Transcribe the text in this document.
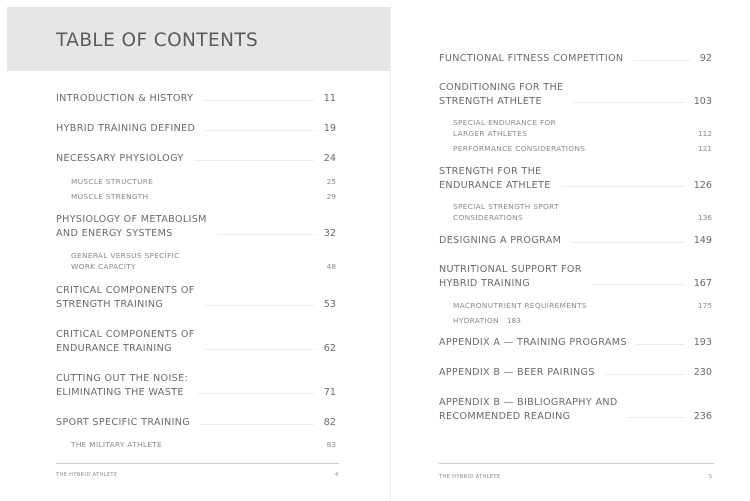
TABLE OF CONTENTS
INTRODUCTION & HISTORY	11
HYBRID TRAINING DEFINED	19
NECESSARY PHYSIOLOGY	24
MUSCLE STRUCTURE	25
MUSCLE STRENGTH	29
PHYSIOLOGY OF METABOLISM
AND ENERGY SYSTEMS	32
GENERAL VERSUS SPECIFIC
WORK CAPACITY	48
CRITICAL COMPONENTS OF
STRENGTH TRAINING	53
CRITICAL COMPONENTS OF
ENDURANCE TRAINING	62
CUTTING OUT THE NOISE:
ELIMINATING THE WASTE	71
SPORT SPECIFIC TRAINING	82
THE MILITARY ATHLETE	83
THE HYBRID ATHLETE	4
FUNCTIONAL FITNESS COMPETITION	92
CONDITIONING FOR THE
STRENGTH ATHLETE	103
SPECIAL ENDURANCE FOR
LARGER ATHLETES	112
PERFORMANCE CONSIDERATIONS	121
STRENGTH FOR THE
ENDURANCE ATHLETE	126
SPECIAL STRENGTH SPORT
CONSIDERATIONS	136
DESIGNING A PROGRAM	149
NUTRITIONAL SUPPORT FOR
HYBRID TRAINING	167
MACRONUTRIENT REQUIREMENTS	175
HYDRATION 183
APPENDIX A — TRAINING PROGRAMS	193
APPENDIX B — BEER PAIRINGS	230
APPENDIX B — BIBLIOGRAPHY AND
RECOMMENDED READING	236
THE HYBRID ATHLETE	5
